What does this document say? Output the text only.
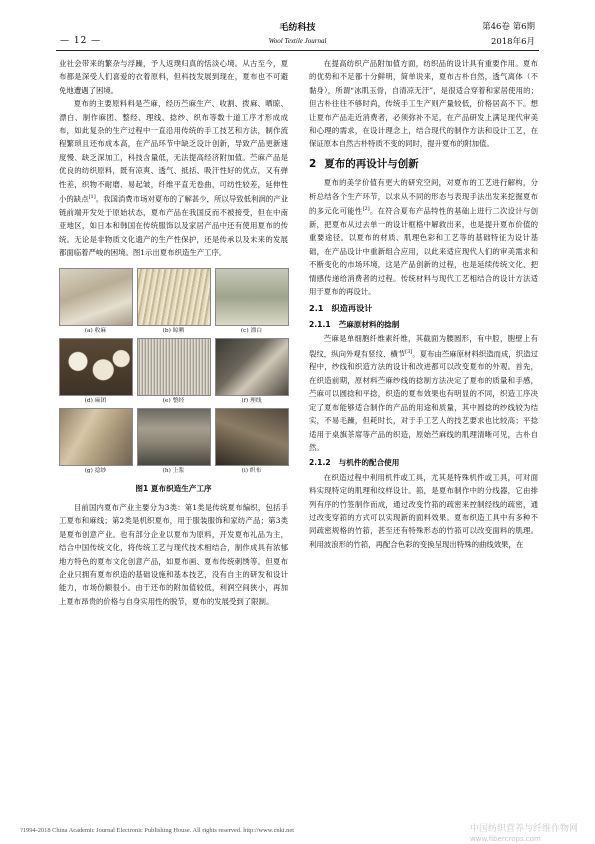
— 12 —
毛纺科技
Wool Textile Journal
第46卷 第6期
2018年6月

业社会带来的繁杂与浮躁，予人返璞归真的恬淡心境。从古至今，夏布都是深受人们喜爱的衣着原料，但科技发展到现在，夏布也不可避免地遭遇了困境。

夏布的主要原料料是苎麻，经历苎麻生产、收割、拨麻、晒晾、漂白、制作麻团、整经、理线、捻纱、织布等数十道工序才形成成布，如此复杂的生产过程中一直沿用传统的手工技艺和方法，制作流程繁琐且还布成本高，在产品环节中缺乏设计创新，导致产品更新速度慢、缺乏深加工，科技含量低，无法提高经济附加值。苎麻产品是优良的纺织原料，既有凉爽、透气、抵括、吸汗性好的优点，又有弹性差，织物不耐磨、易起皱，纤维平直无卷曲，可纺性较差，延伸性小的缺点[1]。我国消费市场对夏布的了解甚少，所以导致低利润的产业链前端开发处于原始状态，夏布产品在我国反而不被接受，但在中南亚地区，如日本和韩国在传统服饰以及家居产品中还有使用夏布的传统。无论是非物质文化遗产的生产性保护，还是传承以及未来的发展都面临着严峻的困境。图1示出夏布织造生产工序。

(a) 收麻	(b) 晾晒	(c) 漂白
(d) 麻团	(e) 整经	(f) 理线
(g) 捻纱	(h) 上浆	(i) 织布
图1 夏布织造生产工序

目前国内夏布产业主要分为3类：第1类是传统夏布编织，包括手工夏布和麻线；第2类是机织夏布，用于服装服饰和家纺产品；第3类是夏布创意产业。也有部分企业以夏布为原料，开发夏布礼品为主，结合中国传统文化，将传统工艺与现代技术相结合，制作成具有浓郁地方特色的夏布文化创意产品，如夏布画、夏布传统刺绣等。但夏布企业只拥有夏布织造的基础设施和基本技艺，没有自主的研发和设计能力，市场份额很小。由于还布的附加值较低，利润空间狭小，再加上夏布昂贵的价格与自身实用性的脱节，夏布的发展受到了限制。

在提高纺织产品附加值方面，纺织品的设计具有重要作用。夏布的优势和不足都十分鲜明，简单说来，夏布古朴自然，透气离体（不黏身），所谓“冰肌玉骨，自清凉无汗”，是很适合穿着和家居使用的；但古朴往往不够时尚，传统手工生产则产量较低，价格居高不下。想让夏布产品走近消费者，必须弥补不足，在产品研发上满足现代审美和心理的需求，在设计理念上，结合现代的制作方法和设计工艺，在保证原本自然古朴特质不变的同时，提升夏布的附加值。

2 夏布的再设计与创新

夏布的美学价值有更大的研究空间，对夏布的工艺进行解构，分析总结各个生产环节，以求从不同的形态与表现手法出发来挖掘夏布的多元化可能性[2]。在符合夏布产品特性的基础上进行二次设计与创新，把夏布从过去单一的设计框格中解救出来，也是提升夏布价值的重要途径。以夏布的材质、肌理色彩和工艺等的基础特征为设计基础，在产品设计中重新组合应用，以此来适应现代人们的审美需求和不断变化的市场环境，这是产品创新的过程，也是延续传统文化、把情感传递给消费者的过程。传统材料与现代工艺相结合的设计方法适用于夏布的再设计。

2.1 织造再设计
2.1.1 苎麻原材料的捻制

苎麻是单细胞纤维素纤维，其截面为腰圆形，有中腔，胞壁上有裂纹，纵向外观有竖纹、横节[3]。夏布由苎麻原材料织造而成，织造过程中，纱线和织造方法的设计和改进都可以改变夏布的外观。首先，在织造前期，原材料苎麻纱线的捻制方法决定了夏布的质量和手感，苎麻可以圆捻和平捻，织造的夏布效果也有明显的不同，织造工序决定了夏布能够适合制作的产品的用途和质量，其中圆捻的纱线较为结实，不易毛躁，但耗时长，对于手工艺人的技艺要求也比较高；平捻适用于桌旗茶席等产品的织造，原始苎麻线的肌理清晰可见，古朴自然。

2.1.2 与机件的配合使用

在织造过程中利用机件或工具，尤其是特殊机件或工具，可对面料实现特定的肌理和纹样设计。筘，是夏布制作中的分线器，它由排列有序的竹签制作而成，通过改变竹筘的疏密来控制经线的疏密，通过改变穿筘的方式可以实现新的面料效果。夏布织造工具中有多种不同疏密规格的竹筘，甚至还有特殊形态的竹筘可以改变面料的肌理。利用波浪形的竹筘，再配合色彩的变换呈现出特殊的曲线效果，在

?1994-2018 China Academic Journal Electronic Publishing House. All rights reserved. http://www.cnki.net	中国纺织营养与纤维作物网
www.fibercrops.com
